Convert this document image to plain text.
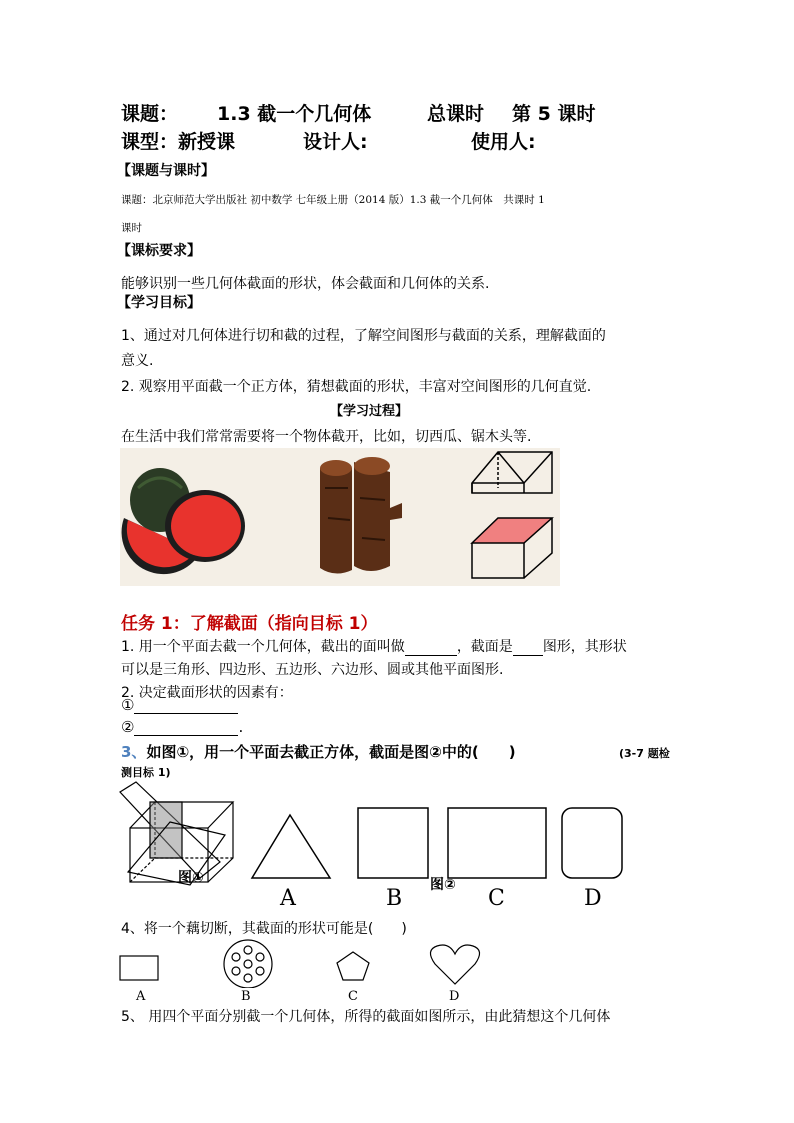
课题： 1.3 截一个几何体	总课时 第 5 课时
课型：新授课	设计人:	使用人:
【课题与课时】
课题：北京师范大学出版社 初中数学 七年级上册（2014 版）1.3 截一个几何体　共课时 1
课时
【课标要求】
能够识别一些几何体截面的形状，体会截面和几何体的关系.
【学习目标】
1、通过对几何体进行切和截的过程，了解空间图形与截面的关系，理解截面的
意义.
2. 观察用平面截一个正方体，猜想截面的形状，丰富对空间图形的几何直觉.
【学习过程】
在生活中我们常常需要将一个物体截开，比如，切西瓜、锯木头等.
任务 1：了解截面（指向目标 1）
1. 用一个平面去截一个几何体，截出的面叫做	，截面是 图形，其形状
可以是三角形、四边形、五边形、六边形、圆或其他平面图形.
2. 决定截面形状的因素有：
①
②	.
3、如图①，用一个平面去截正方体，截面是图②中的(　　)	(3-7 题检
测目标 1)
图①	图②
A	B	C	D
4、将一个藕切断，其截面的形状可能是(　　)
A	B	C	D
5、 用四个平面分别截一个几何体，所得的截面如图所示，由此猜想这个几何体
